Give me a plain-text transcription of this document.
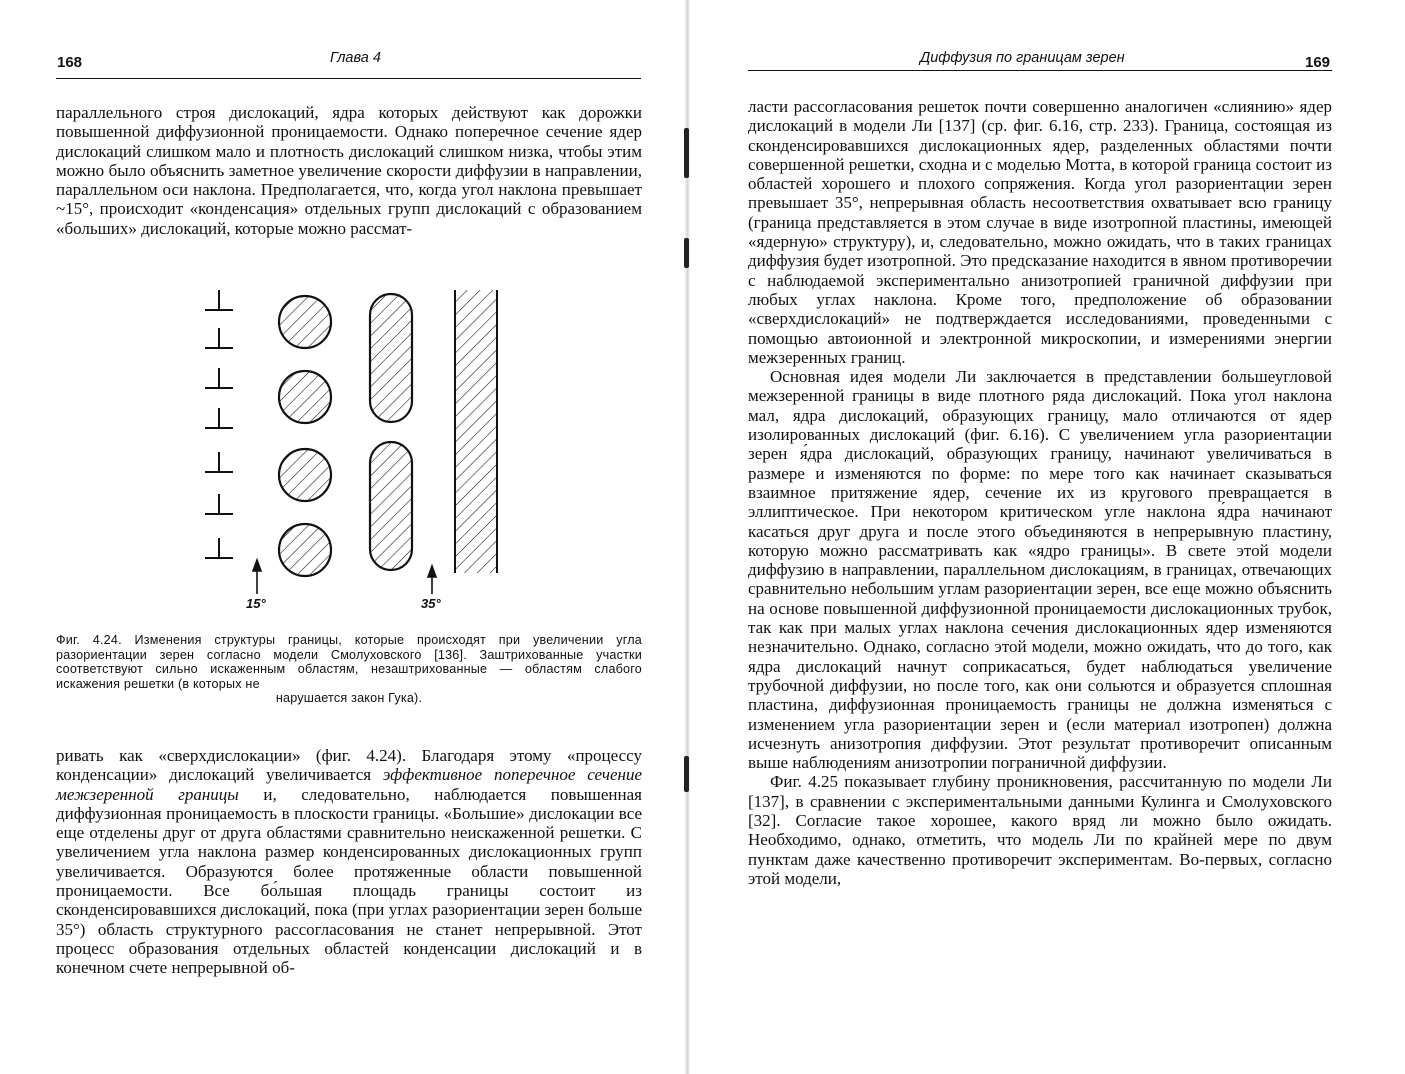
168	Глава 4

параллельного строя дислокаций, ядра которых действуют как дорожки повышенной диффузионной проницаемости. Однако поперечное сечение ядер дислокаций слишком мало и плотность дислокаций слишком низка, чтобы этим можно было объяснить заметное увеличение скорости диффузии в направлении, параллельном оси наклона. Предполагается, что, когда угол наклона превышает ~15°, происходит «конденсация» отдельных групп дислокаций с образованием «больших» дислокаций, которые можно рассмат-

15°	35°
Фиг. 4.24. Изменения структуры границы, которые происходят при увеличении угла разориентации зерен согласно модели Смолуховского [136]. Заштрихованные участки соответствуют сильно искаженным областям, незаштрихованные — областям слабого искажения решетки (в которых не
нарушается закон Гука).

ривать как «сверхдислокации» (фиг. 4.24). Благодаря этому «процессу конденсации» дислокаций увеличивается эффективное поперечное сечение межзеренной границы и, следовательно, наблюдается повышенная диффузионная проницаемость в плоскости границы. «Большие» дислокации все еще отделены друг от друга областями сравнительно неискаженной решетки. С увеличением угла наклона размер конденсированных дислокационных групп увеличивается. Образуются более протяженные области повышенной проницаемости. Все бо́льшая площадь границы состоит из сконденсировавшихся дислокаций, пока (при углах разориентации зерен больше 35°) область структурного рассогласования не станет непрерывной. Этот процесс образования отдельных областей конденсации дислокаций и в конечном счете непрерывной об-

Диффузия по границам зерен	169

ласти рассогласования решеток почти совершенно аналогичен «слиянию» ядер дислокаций в модели Ли [137] (ср. фиг. 6.16, стр. 233). Граница, состоящая из сконденсировавшихся дислокационных ядер, разделенных областями почти совершенной решетки, сходна и с моделью Мотта, в которой граница состоит из областей хорошего и плохого сопряжения. Когда угол разориентации зерен превышает 35°, непрерывная область несоответствия охватывает всю границу (граница представляется в этом случае в виде изотропной пластины, имеющей «ядерную» структуру), и, следовательно, можно ожидать, что в таких границах диффузия будет изотропной. Это предсказание находится в явном противоречии с наблюдаемой экспериментально анизотропией граничной диффузии при любых углах наклона. Кроме того, предположение об образовании «сверхдислокаций» не подтверждается исследованиями, проведенными с помощью автоионной и электронной микроскопии, и измерениями энергии межзеренных границ.

Основная идея модели Ли заключается в представлении большеугловой межзеренной границы в виде плотного ряда дислокаций. Пока угол наклона мал, ядра дислокаций, образующих границу, мало отличаются от ядер изолированных дислокаций (фиг. 6.16). С увеличением угла разориентации зерен я́дра дислокаций, образующих границу, начинают увеличиваться в размере и изменяются по форме: по мере того как начинает сказываться взаимное притяжение ядер, сечение их из кругового превращается в эллиптическое. При некотором критическом угле наклона я́дра начинают касаться друг друга и после этого объединяются в непрерывную пластину, которую можно рассматривать как «ядро границы». В свете этой модели диффузию в направлении, параллельном дислокациям, в границах, отвечающих сравнительно небольшим углам разориентации зерен, все еще можно объяснить на основе повышенной диффузионной проницаемости дислокационных трубок, так как при малых углах наклона сечения дислокационных ядер изменяются незначительно. Однако, согласно этой модели, можно ожидать, что до того, как ядра дислокаций начнут соприкасаться, будет наблюдаться увеличение трубочной диффузии, но после того, как они сольются и образуется сплошная пластина, диффузионная проницаемость границы не должна изменяться с изменением угла разориентации зерен и (если материал изотропен) должна исчезнуть анизотропия диффузии. Этот результат противоречит описанным выше наблюдениям анизотропии пограничной диффузии.

Фиг. 4.25 показывает глубину проникновения, рассчитанную по модели Ли [137], в сравнении с экспериментальными данными Кулинга и Смолуховского [32]. Согласие такое хорошее, какого вряд ли можно было ожидать. Необходимо, однако, отметить, что модель Ли по крайней мере по двум пунктам даже качественно противоречит экспериментам. Во-первых, согласно этой модели,
